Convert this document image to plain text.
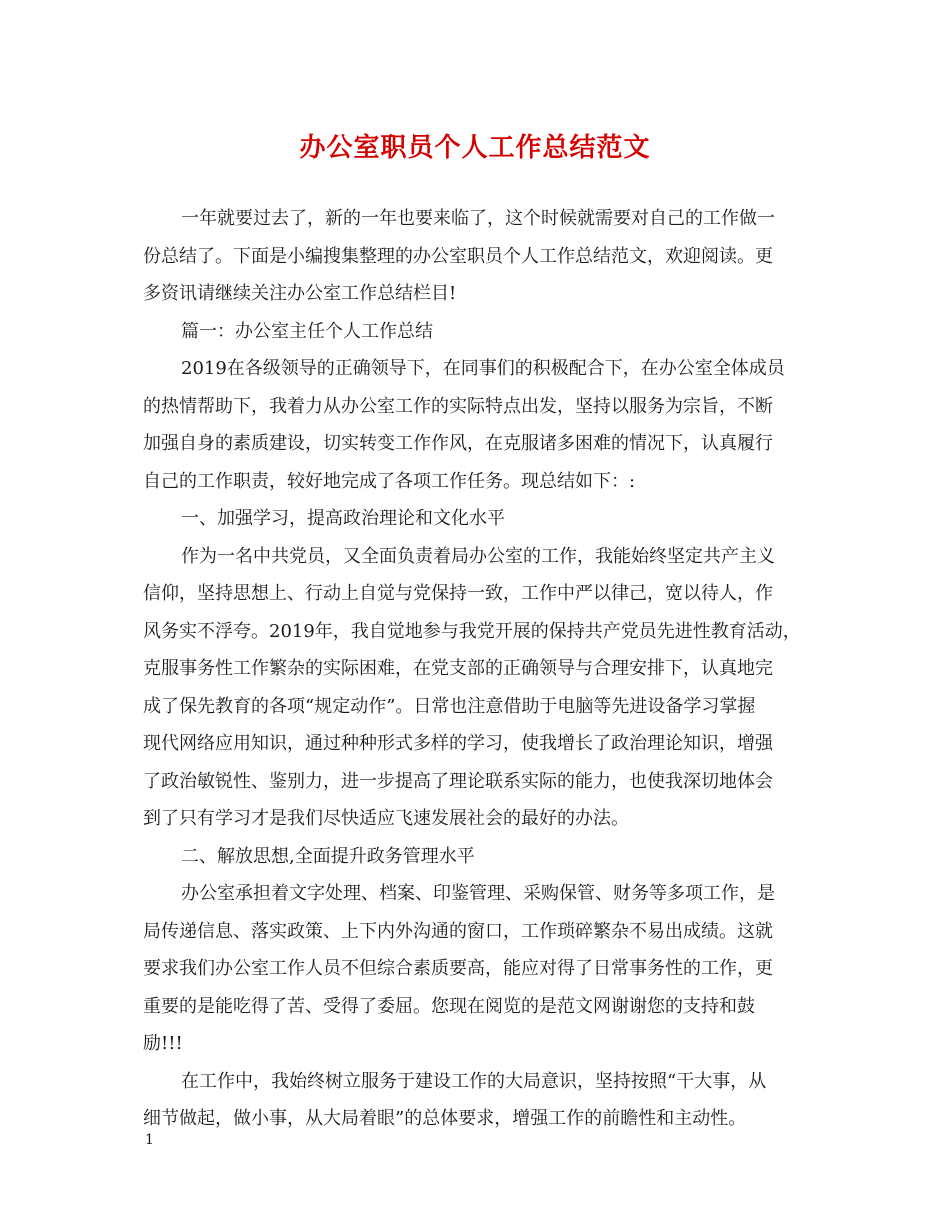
办公室职员个人工作总结范文
一年就要过去了，新的一年也要来临了，这个时候就需要对自己的工作做一
份总结了。下面是小编搜集整理的办公室职员个人工作总结范文，欢迎阅读。更
多资讯请继续关注办公室工作总结栏目!
篇一：办公室主任个人工作总结
2019在各级领导的正确领导下，在同事们的积极配合下，在办公室全体成员
的热情帮助下，我着力从办公室工作的实际特点出发，坚持以服务为宗旨，不断
加强自身的素质建设，切实转变工作作风，在克服诸多困难的情况下，认真履行
自己的工作职责，较好地完成了各项工作任务。现总结如下：:
一、加强学习，提高政治理论和文化水平
作为一名中共党员，又全面负责着局办公室的工作，我能始终坚定共产主义
信仰，坚持思想上、行动上自觉与党保持一致，工作中严以律己，宽以待人，作
风务实不浮夸。2019年，我自觉地参与我党开展的保持共产党员先进性教育活动，
克服事务性工作繁杂的实际困难，在党支部的正确领导与合理安排下，认真地完
成了保先教育的各项“规定动作”。日常也注意借助于电脑等先进设备学习掌握
现代网络应用知识，通过种种形式多样的学习，使我增长了政治理论知识，增强
了政治敏锐性、鉴别力，进一步提高了理论联系实际的能力，也使我深切地体会
到了只有学习才是我们尽快适应飞速发展社会的最好的办法。
二、解放思想,全面提升政务管理水平
办公室承担着文字处理、档案、印鉴管理、采购保管、财务等多项工作，是
局传递信息、落实政策、上下内外沟通的窗口，工作琐碎繁杂不易出成绩。这就
要求我们办公室工作人员不但综合素质要高，能应对得了日常事务性的工作，更
重要的是能吃得了苦、受得了委屈。您现在阅览的是范文网谢谢您的支持和鼓
励!!!
在工作中，我始终树立服务于建设工作的大局意识，坚持按照“干大事，从
细节做起，做小事，从大局着眼”的总体要求，增强工作的前瞻性和主动性。
1
